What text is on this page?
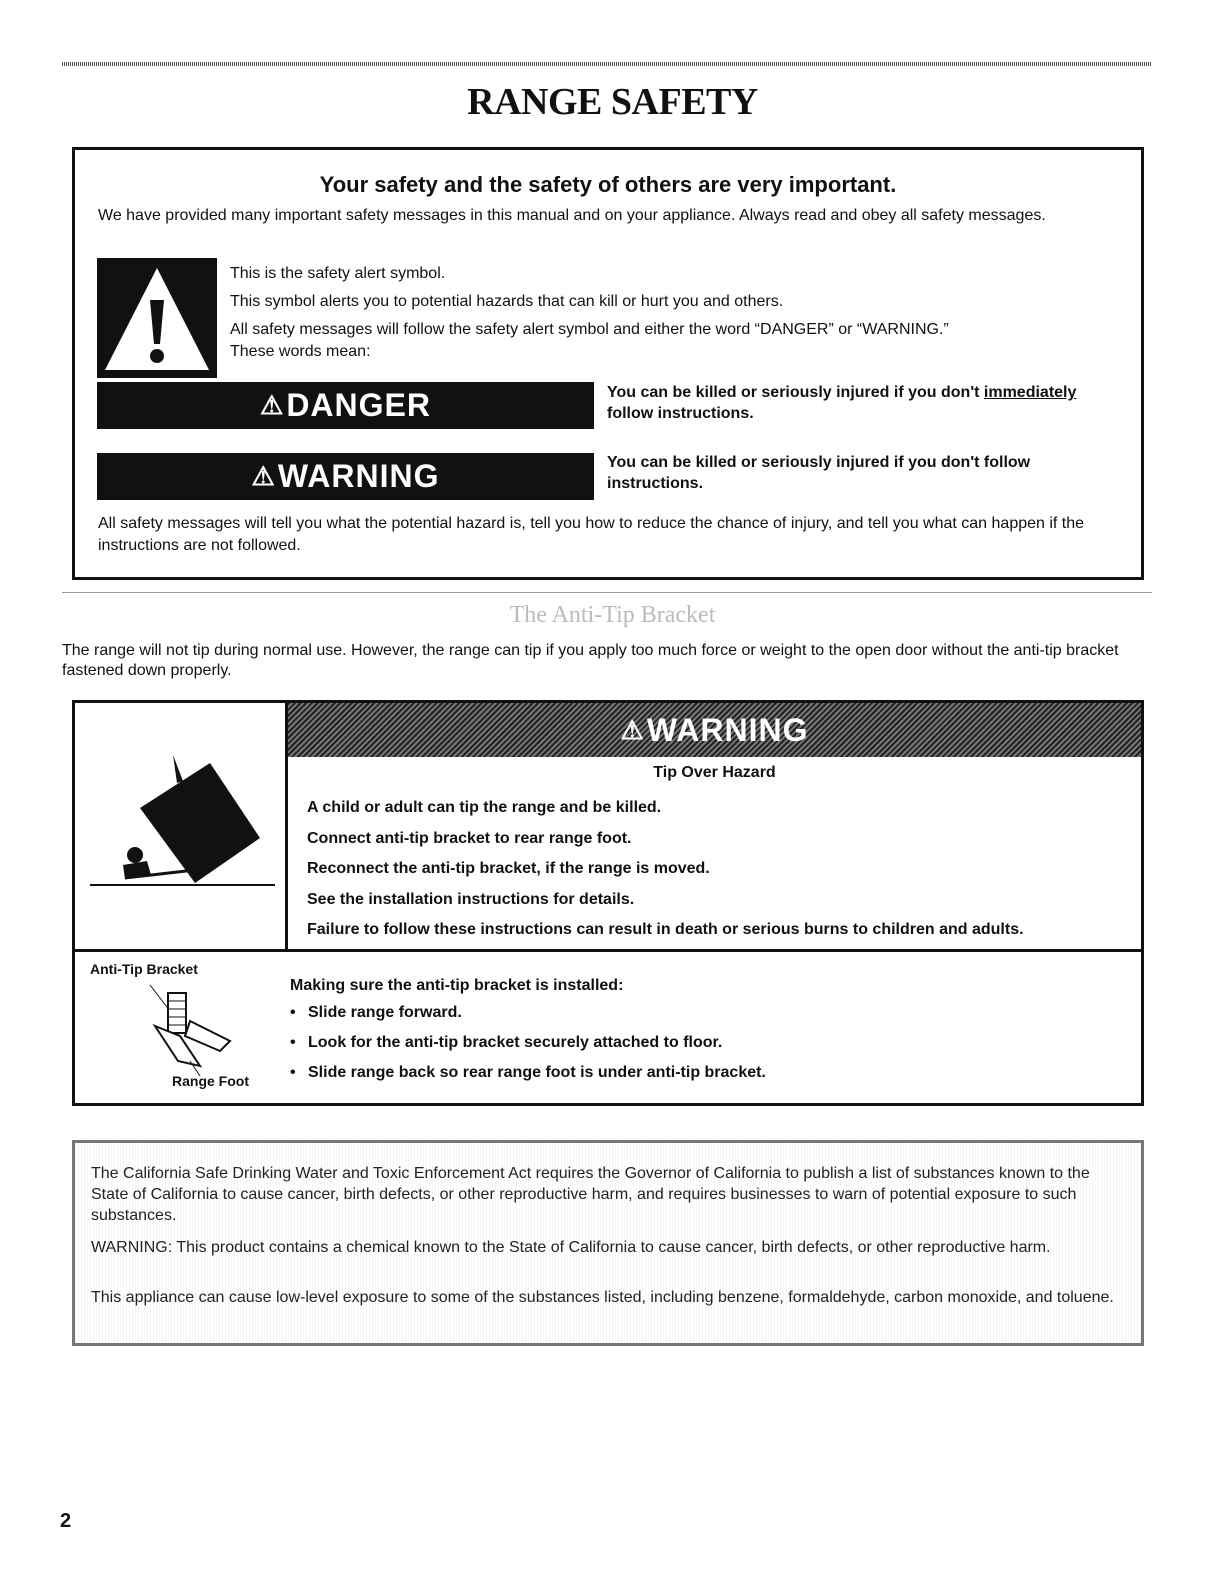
RANGE SAFETY
Your safety and the safety of others are very important.
We have provided many important safety messages in this manual and on your appliance. Always read and obey all safety messages.
This is the safety alert symbol.
This symbol alerts you to potential hazards that can kill or hurt you and others.
All safety messages will follow the safety alert symbol and either the word “DANGER” or “WARNING.”
These words mean:
⚠DANGER	You can be killed or seriously injured if you don't immediately follow instructions.
⚠WARNING	You can be killed or seriously injured if you don't follow instructions.
All safety messages will tell you what the potential hazard is, tell you how to reduce the chance of injury, and tell you what can happen if the instructions are not followed.
The Anti-Tip Bracket
The range will not tip during normal use. However, the range can tip if you apply too much force or weight to the open door without the anti-tip bracket fastened down properly.
⚠WARNING
Tip Over Hazard
A child or adult can tip the range and be killed.
Connect anti-tip bracket to rear range foot.
Reconnect the anti-tip bracket, if the range is moved.
See the installation instructions for details.
Failure to follow these instructions can result in death or serious burns to children and adults.
Anti-Tip Bracket
Range Foot
Making sure the anti-tip bracket is installed:
• Slide range forward.
• Look for the anti-tip bracket securely attached to floor.
• Slide range back so rear range foot is under anti-tip bracket.
The California Safe Drinking Water and Toxic Enforcement Act requires the Governor of California to publish a list of substances known to the State of California to cause cancer, birth defects, or other reproductive harm, and requires businesses to warn of potential exposure to such substances.
WARNING: This product contains a chemical known to the State of California to cause cancer, birth defects, or other reproductive harm.
This appliance can cause low-level exposure to some of the substances listed, including benzene, formaldehyde, carbon monoxide, and toluene.
2
